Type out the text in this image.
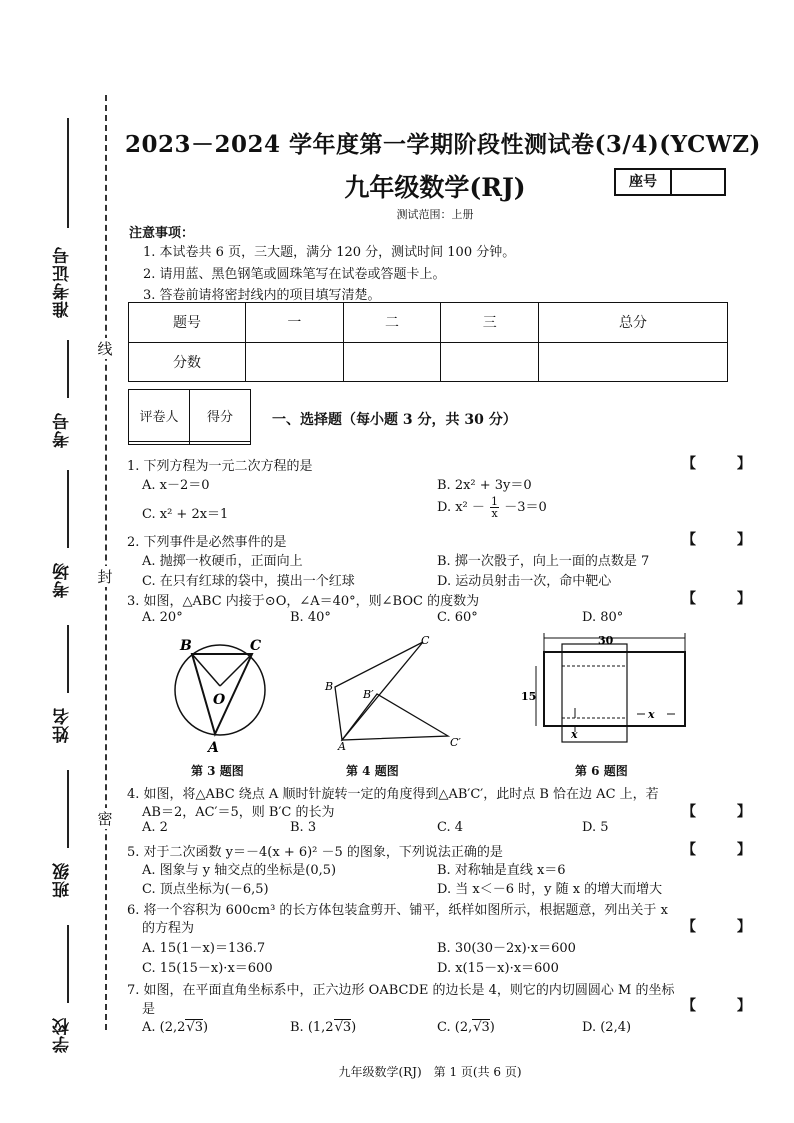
准考证号
考号
考场
姓名
班级
学校
线
封
密
2023－2024 学年度第一学期阶段性测试卷(3/4)(YCWZ)
九年级数学(RJ)	座号
测试范围：上册
注意事项：
1. 本试卷共 6 页，三大题，满分 120 分，测试时间 100 分钟。
2. 请用蓝、黑色钢笔或圆珠笔写在试卷或答题卡上。
3. 答卷前请将密封线内的项目填写清楚。
题号	一	二	三	总分
分数				
评卷人	得分
		一、选择题（每小题 3 分，共 30 分）
1. 下列方程为一元二次方程的是	【 】
A. x－2＝0	B. 2x² + 3y＝0
C. x² + 2x＝1	D. $x^2 - \frac{1}{x} -3=0$
2. 下列事件是必然事件的是	【 】
A. 抛掷一枚硬币，正面向上	B. 掷一次骰子，向上一面的点数是 7
C. 在只有红球的袋中，摸出一个红球	D. 运动员射击一次，命中靶心
3. 如图，△ABC 内接于⊙O，∠A＝40°，则∠BOC 的度数为	【 】
A. 20°	B. 40°	C. 60°	D. 80°
B	C
O
A
第 3 题图
C
B
B′
A	C′
第 4 题图
30
15
x
x
第 6 题图
4. 如图，将△ABC 绕点 A 顺时针旋转一定的角度得到△AB′C′，此时点 B 恰在边 AC 上，若
AB＝2，AC′＝5，则 B′C 的长为	【 】
A. 2	B. 3	C. 4	D. 5
5. 对于二次函数 y＝－4(x + 6)² －5 的图象，下列说法正确的是	【 】
A. 图象与 y 轴交点的坐标是(0,5)	B. 对称轴是直线 x＝6
C. 顶点坐标为(－6,5)	D. 当 x＜－6 时，y 随 x 的增大而增大
6. 将一个容积为 600cm³ 的长方体包装盒剪开、铺平，纸样如图所示，根据题意，列出关于 x
的方程为	【 】
A. 15(1－x)＝136.7	B. 30(30－2x)·x＝600
C. 15(15－x)·x＝600	D. x(15－x)·x＝600
7. 如图，在平面直角坐标系中，正六边形 OABCDE 的边长是 4，则它的内切圆圆心 M 的坐标
是	【 】
A. (2,2√3)	B. (1,2√3)	C. (2,√3)	D. (2,4)
九年级数学(RJ)　第 1 页(共 6 页)
